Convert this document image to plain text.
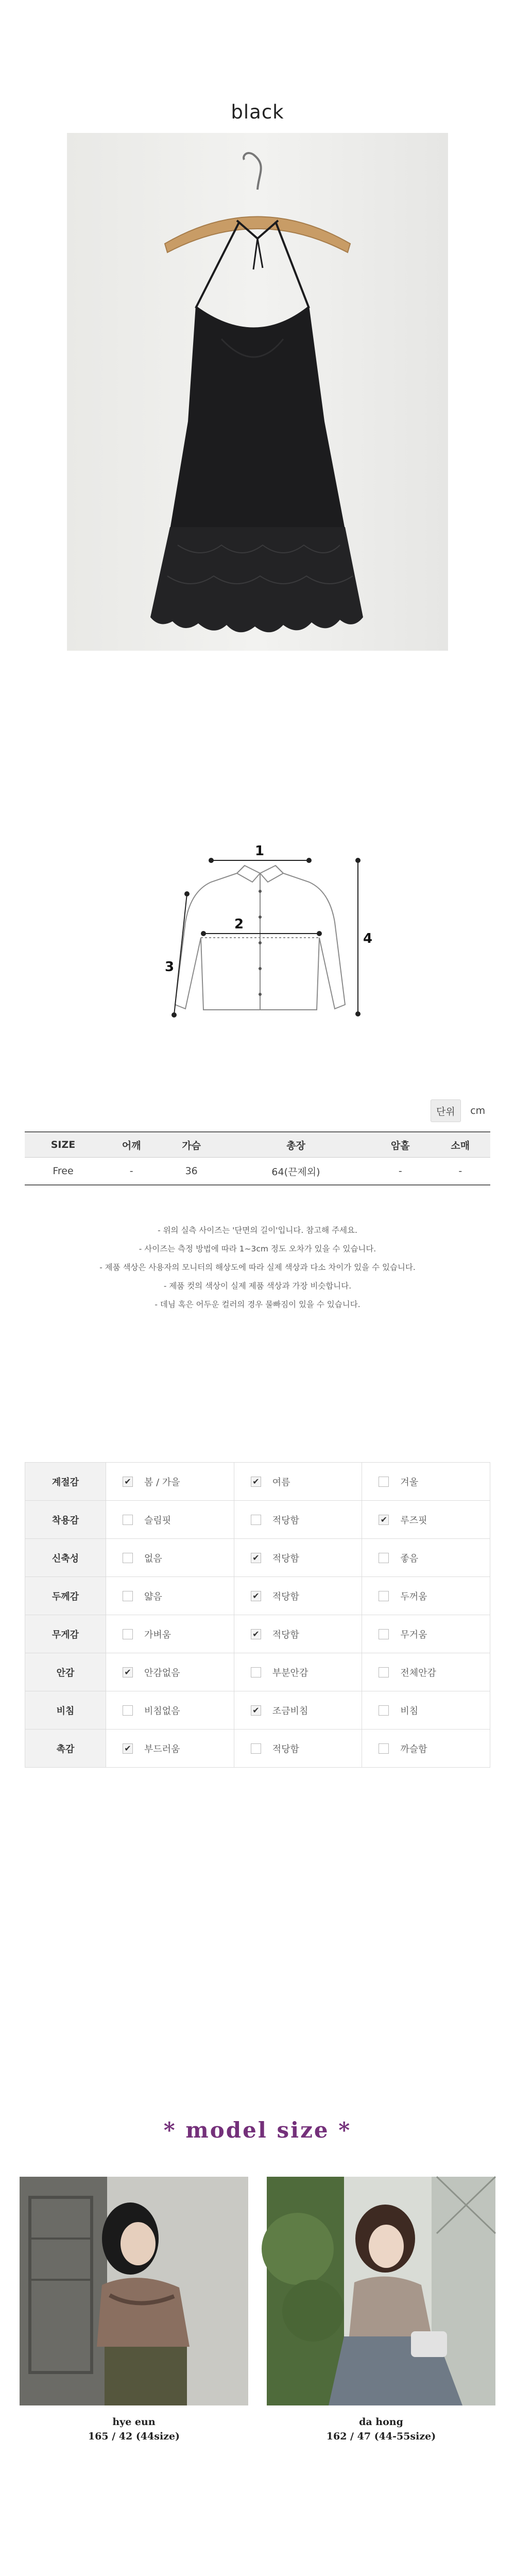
black
1
2
3
4
단위	cm
SIZE	어깨	가슴	총장	암홀	소매
Free	-	36	64(끈제외)	-	-
- 위의 실측 사이즈는 '단면의 길이'입니다. 참고해 주세요.
- 사이즈는 측정 방법에 따라 1~3cm 정도 오차가 있을 수 있습니다.
- 제품 색상은 사용자의 모니터의 해상도에 따라 실제 색상과 다소 차이가 있을 수 있습니다.
- 제품 컷의 색상이 실제 제품 색상과 가장 비슷합니다.
- 데님 혹은 어두운 컬러의 경우 물빠짐이 있을 수 있습니다.
계절감	✔ 봄 / 가을	✔ 여름	겨울

착용감	슬림핏	적당함	✔ 루즈핏

신축성	없음	✔ 적당함	좋음

두께감	얇음	✔ 적당함	두꺼움

무게감	가벼움	✔ 적당함	무거움

안감	✔ 안감없음	부분안감	전체안감

비침	비침없음	✔ 조금비침	비침

촉감	✔ 부드러움	적당함	까슬함
* model size *
hye eun
165 / 42 (44size)
da hong
162 / 47 (44-55size)
